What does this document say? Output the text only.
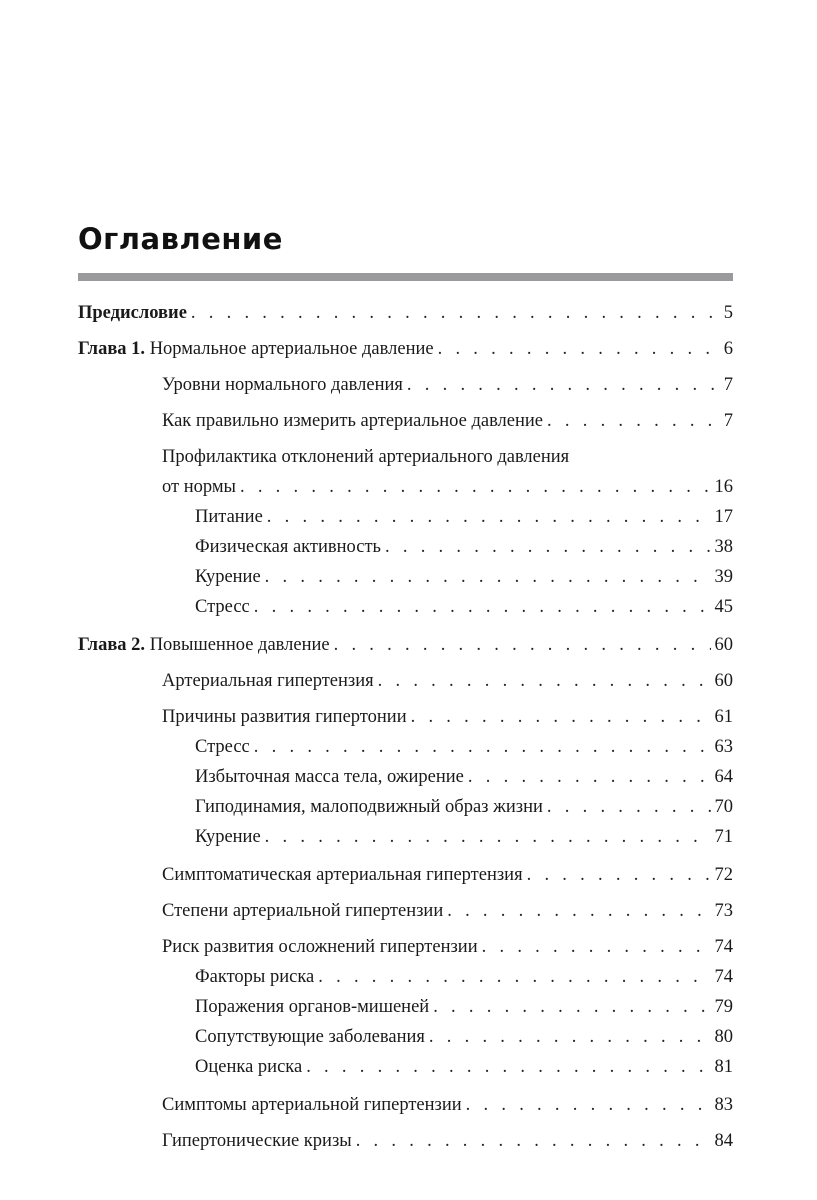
Оглавление
Предисловие . . .	5
Глава 1. Нормальное артериальное давление . . .	6
Уровни нормального давления . . .	7
Как правильно измерить артериальное давление . . .	7
Профилактика отклонений артериального давления
от нормы . . .	16
Питание . . .	17
Физическая активность . . .	38
Курение . . .	39
Стресс . . .	45
Глава 2. Повышенное давление . . .	60
Артериальная гипертензия . . .	60
Причины развития гипертонии . . .	61
Стресс . . .	63
Избыточная масса тела, ожирение . . .	64
Гиподинамия, малоподвижный образ жизни . . .	70
Курение . . .	71
Симптоматическая артериальная гипертензия . . .	72
Степени артериальной гипертензии . . .	73
Риск развития осложнений гипертензии . . .	74
Факторы риска . . .	74
Поражения органов-мишеней . . .	79
Сопутствующие заболевания . . .	80
Оценка риска . . .	81
Симптомы артериальной гипертензии . . .	83
Гипертонические кризы . . .	84
